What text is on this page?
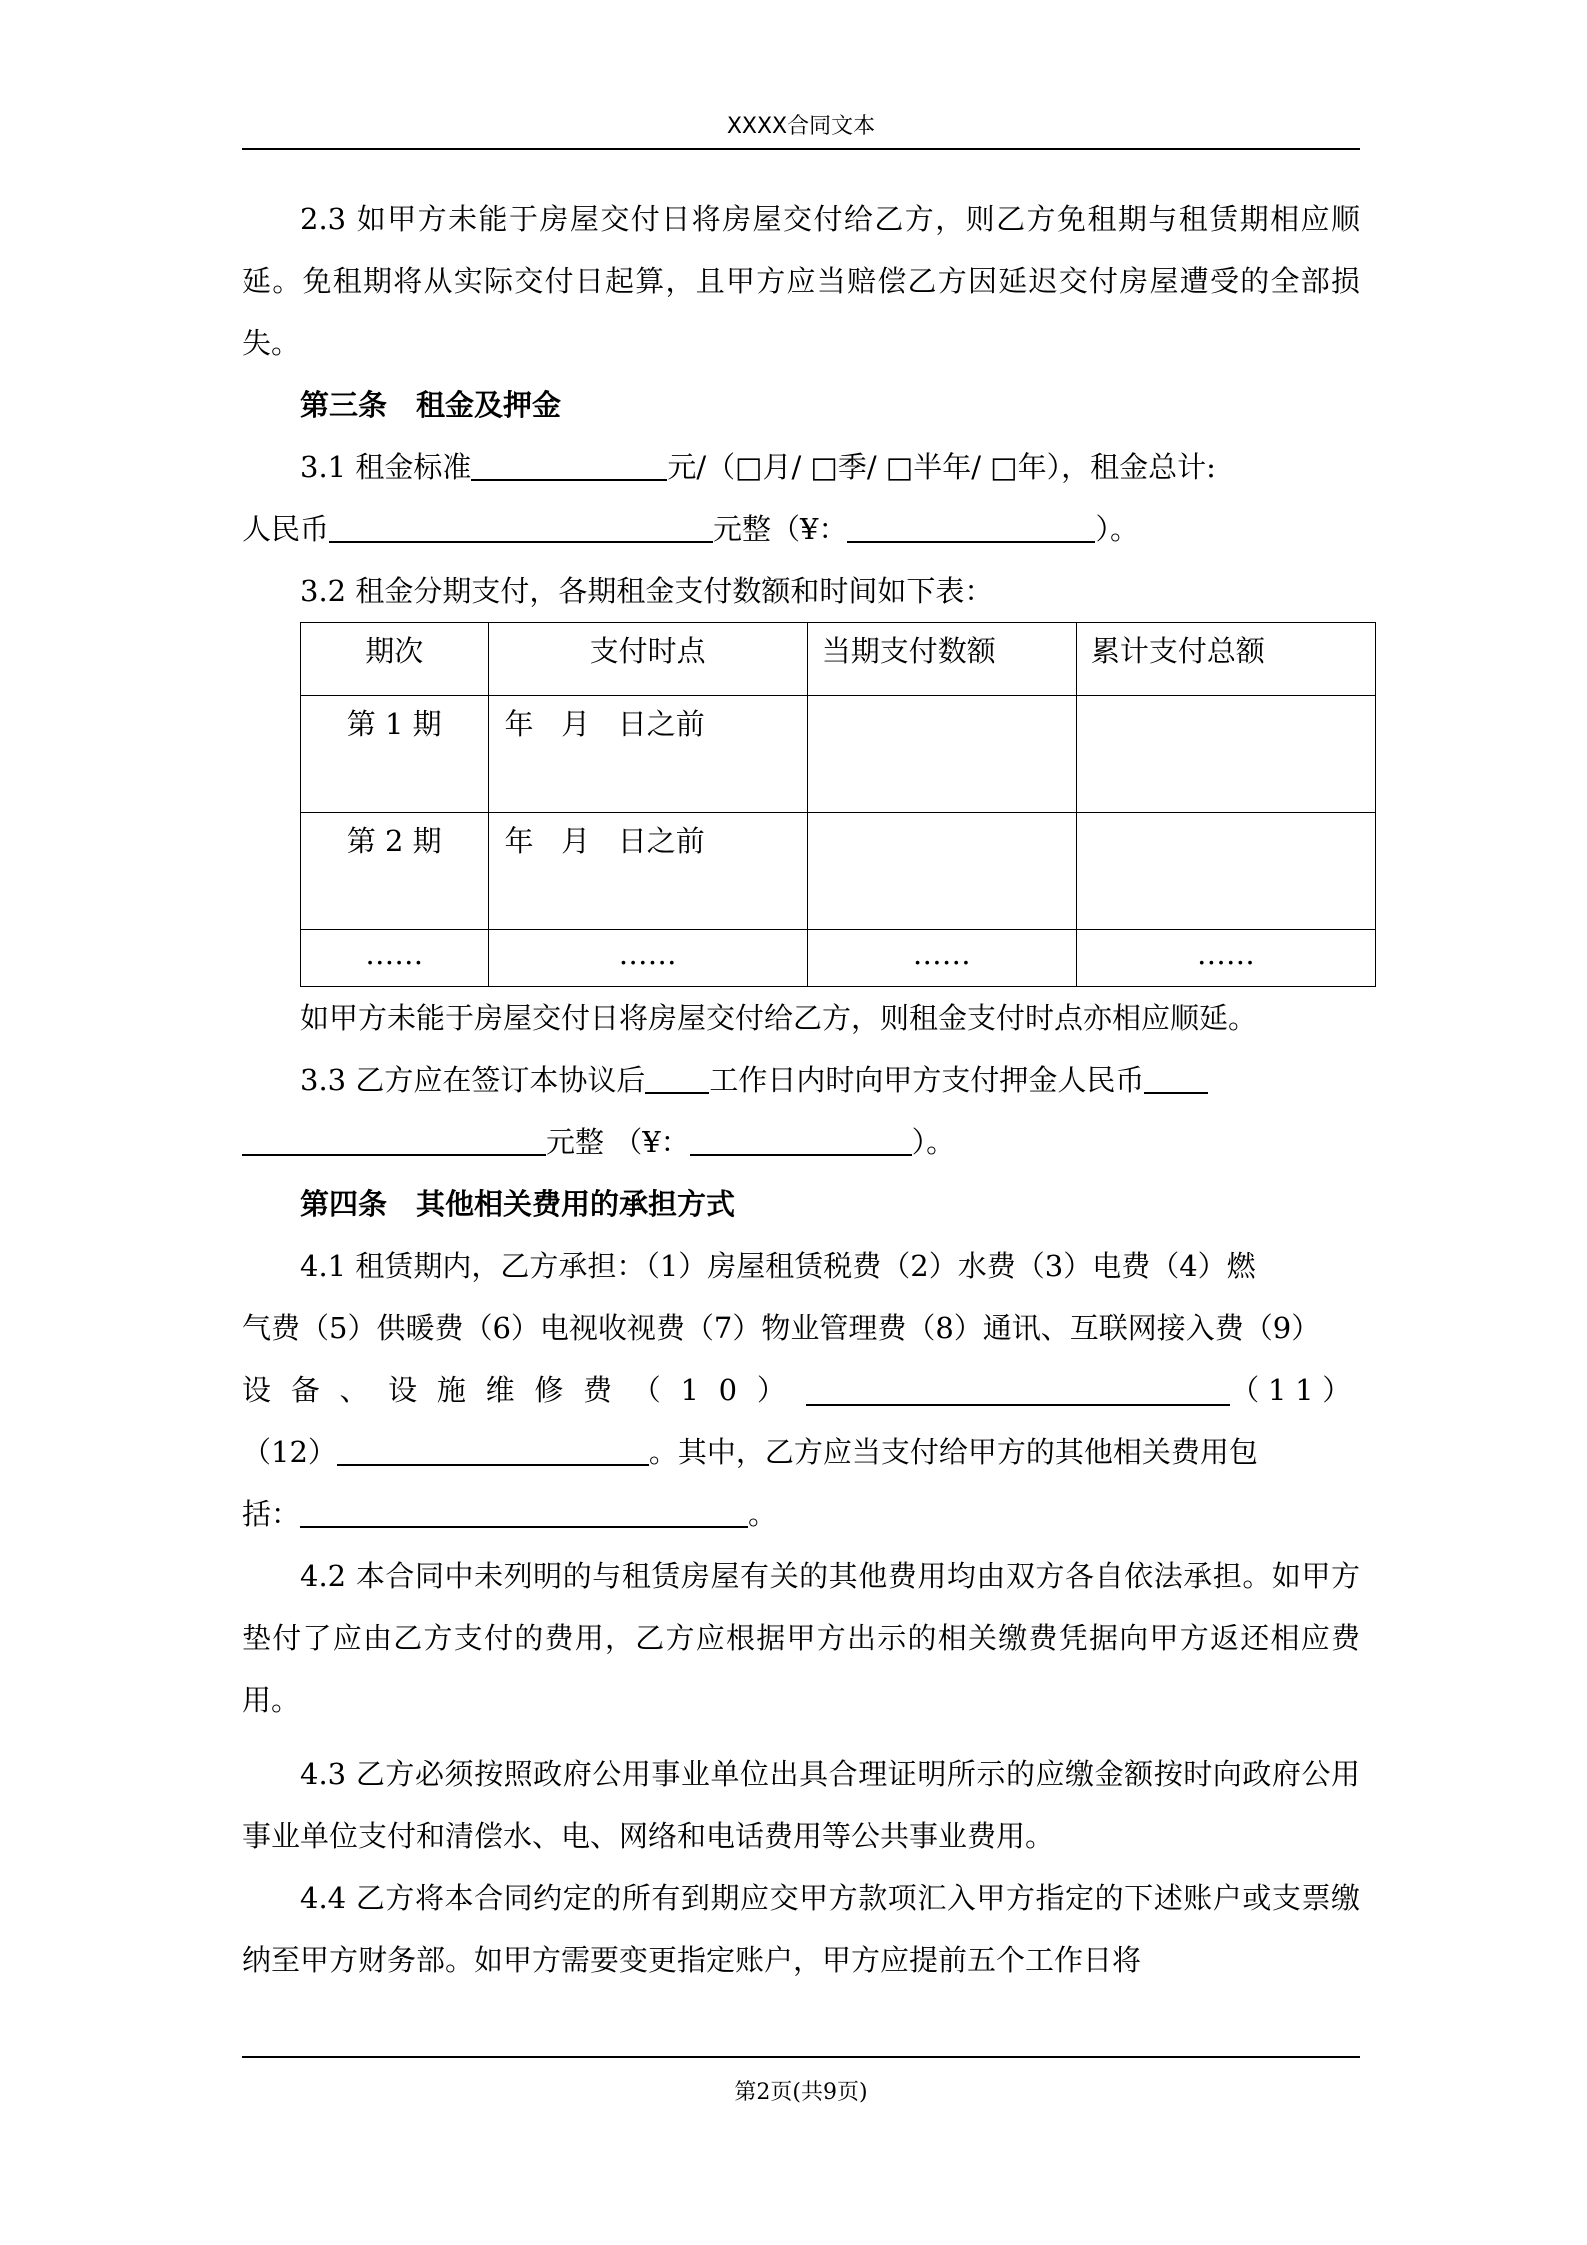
XXXX合同文本

2.3 如甲方未能于房屋交付日将房屋交付给乙方，则乙方免租期与租赁期相应顺延。免租期将从实际交付日起算，且甲方应当赔偿乙方因延迟交付房屋遭受的全部损失。

第三条　租金及押金

3.1 租金标准	元/（□月/ □季/ □半年/ □年），租金总计:
人民币	元整（¥：	）。

3.2 租金分期支付，各期租金支付数额和时间如下表：

期次	支付时点	当期支付数额	累计支付总额
第 1 期	年   月   日之前		
第 2 期	年   月   日之前		
……	……	……	……

如甲方未能于房屋交付日将房屋交付给乙方，则租金支付时点亦相应顺延。

3.3 乙方应在签订本协议后 工作日内时向甲方支付押金人民币
元整 （¥：	）。

第四条　其他相关费用的承担方式

4.1 租赁期内，乙方承担：（1）房屋租赁税费（2）水费（3）电费（4）燃
气费（5）供暖费（6）电视收视费（7）物业管理费（8）通讯、互联网接入费（9）
设备、设施维修费（10）	（11）
（12）	。其中，乙方应当支付给甲方的其他相关费用包
括：	。

4.2 本合同中未列明的与租赁房屋有关的其他费用均由双方各自依法承担。如甲方垫付了应由乙方支付的费用，乙方应根据甲方出示的相关缴费凭据向甲方返还相应费用。

4.3 乙方必须按照政府公用事业单位出具合理证明所示的应缴金额按时向政府公用事业单位支付和清偿水、电、网络和电话费用等公共事业费用。

4.4 乙方将本合同约定的所有到期应交甲方款项汇入甲方指定的下述账户或支票缴纳至甲方财务部。如甲方需要变更指定账户，甲方应提前五个工作日将

第2页(共9页)
